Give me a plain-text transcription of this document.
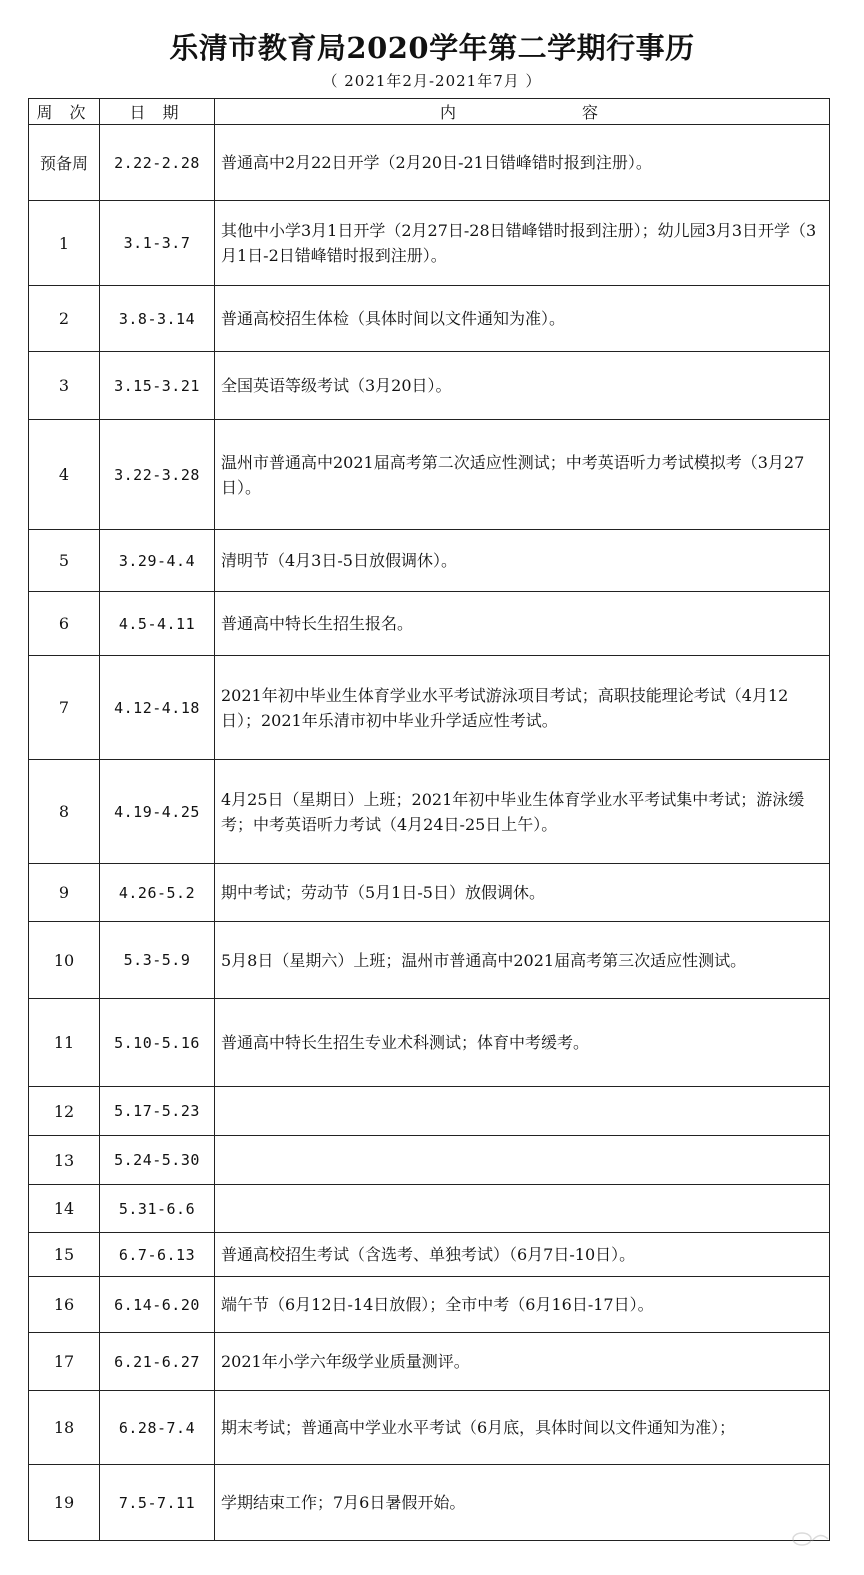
乐清市教育局2020学年第二学期行事历
（ 2021年2月-2021年7月 ）
周 次	日 期	内 容
预备周	2.22-2.28	普通高中2月22日开学（2月20日-21日错峰错时报到注册）。
1	3.1-3.7	其他中小学3月1日开学（2月27日-28日错峰错时报到注册）；幼儿园3月3日开学（3月1日-2日错峰错时报到注册）。
2	3.8-3.14	普通高校招生体检（具体时间以文件通知为准）。
3	3.15-3.21	全国英语等级考试（3月20日）。
4	3.22-3.28	温州市普通高中2021届高考第二次适应性测试；中考英语听力考试模拟考（3月27日）。
5	3.29-4.4	清明节（4月3日-5日放假调休）。
6	4.5-4.11	普通高中特长生招生报名。
7	4.12-4.18	2021年初中毕业生体育学业水平考试游泳项目考试；高职技能理论考试（4月12日）；2021年乐清市初中毕业升学适应性考试。
8	4.19-4.25	4月25日（星期日）上班；2021年初中毕业生体育学业水平考试集中考试；游泳缓考；中考英语听力考试（4月24日-25日上午）。
9	4.26-5.2	期中考试；劳动节（5月1日-5日）放假调休。
10	5.3-5.9	5月8日（星期六）上班；温州市普通高中2021届高考第三次适应性测试。
11	5.10-5.16	普通高中特长生招生专业术科测试；体育中考缓考。
12	5.17-5.23	
13	5.24-5.30	
14	5.31-6.6	
15	6.7-6.13	普通高校招生考试（含选考、单独考试）（6月7日-10日）。
16	6.14-6.20	端午节（6月12日-14日放假）；全市中考（6月16日-17日）。
17	6.21-6.27	2021年小学六年级学业质量测评。
18	6.28-7.4	期末考试；普通高中学业水平考试（6月底，具体时间以文件通知为准）；
19	7.5-7.11	学期结束工作；7月6日暑假开始。
